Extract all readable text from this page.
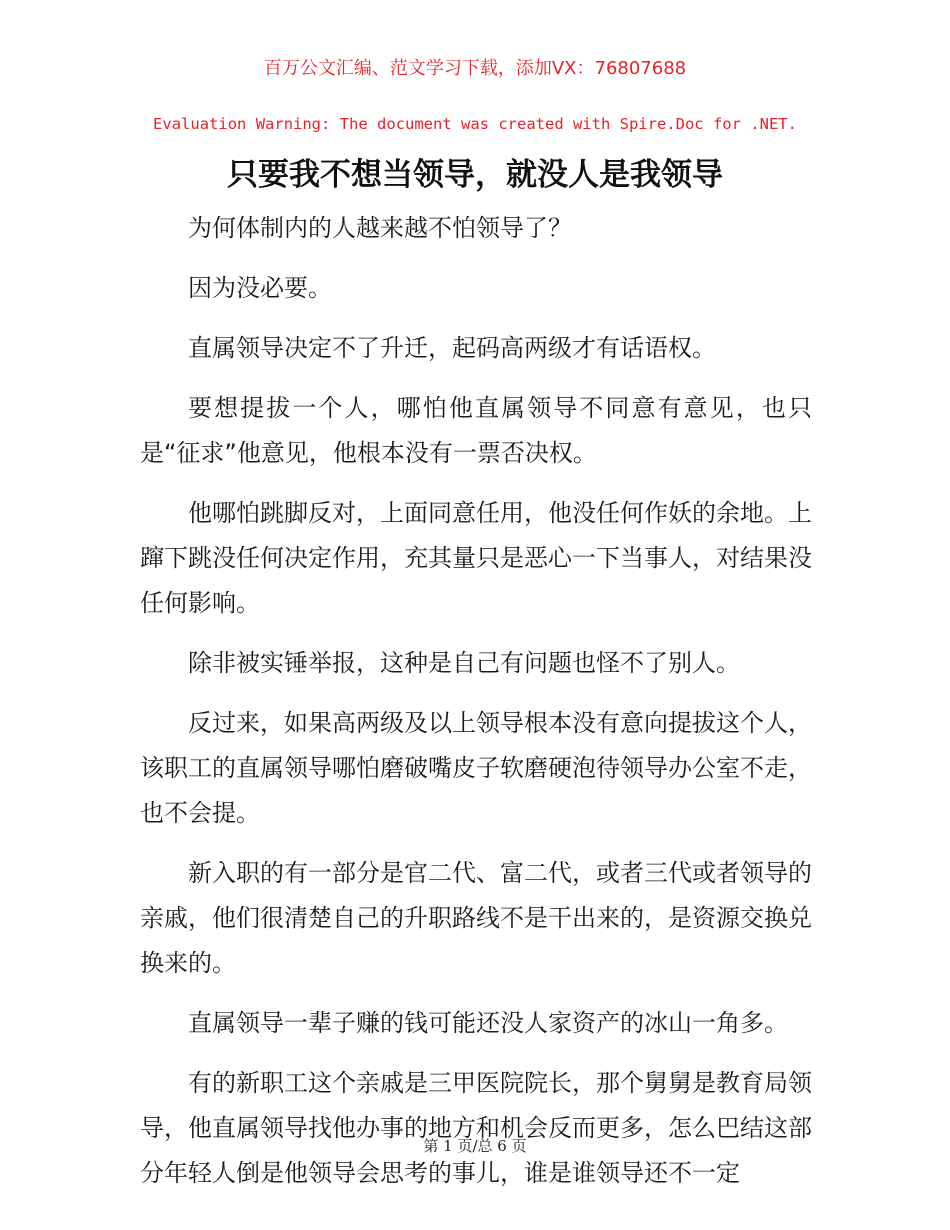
百万公文汇编、范文学习下载，添加VX：76807688

Evaluation Warning: The document was created with Spire.Doc for .NET.

只要我不想当领导，就没人是我领导

为何体制内的人越来越不怕领导了？

因为没必要。

直属领导决定不了升迁，起码高两级才有话语权。

要想提拔一个人，哪怕他直属领导不同意有意见，也只是“征求”他意见，他根本没有一票否决权。

他哪怕跳脚反对，上面同意任用，他没任何作妖的余地。上蹿下跳没任何决定作用，充其量只是恶心一下当事人，对结果没任何影响。

除非被实锤举报，这种是自己有问题也怪不了别人。

反过来，如果高两级及以上领导根本没有意向提拔这个人，该职工的直属领导哪怕磨破嘴皮子软磨硬泡待领导办公室不走，也不会提。

新入职的有一部分是官二代、富二代，或者三代或者领导的亲戚，他们很清楚自己的升职路线不是干出来的，是资源交换兑换来的。

直属领导一辈子赚的钱可能还没人家资产的冰山一角多。

有的新职工这个亲戚是三甲医院院长，那个舅舅是教育局领导，他直属领导找他办事的地方和机会反而更多，怎么巴结这部分年轻人倒是他领导会思考的事儿，谁是谁领导还不一定

第 1 页/总 6 页
